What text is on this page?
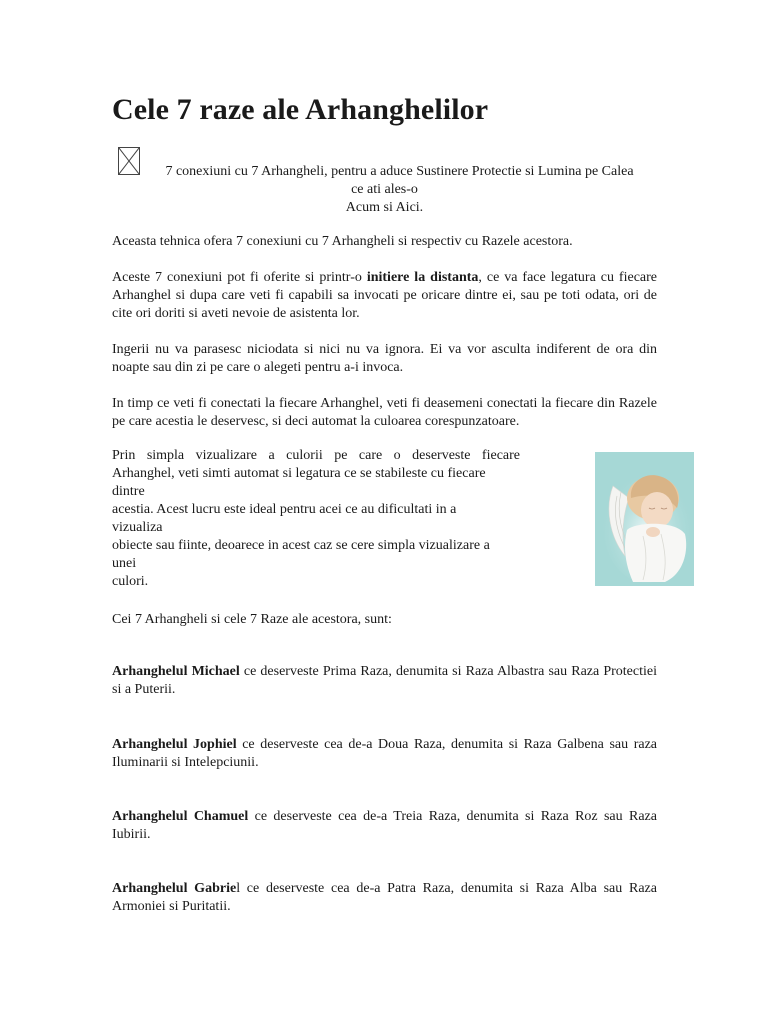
Cele 7 raze ale Arhanghelilor
7 conexiuni cu 7 Arhangheli, pentru a aduce Sustinere Protectie si Lumina pe Calea
ce ati ales-o
Acum si Aici.

Aceasta tehnica ofera 7 conexiuni cu 7 Arhangheli si respectiv cu Razele acestora.

Aceste 7 conexiuni pot fi oferite si printr-o initiere la distanta, ce va face legatura cu fiecare Arhanghel si dupa care veti fi capabili sa invocati pe oricare dintre ei, sau pe toti odata, ori de cite ori doriti si aveti nevoie de asistenta lor.

Ingerii nu va parasesc niciodata si nici nu va ignora. Ei va vor asculta indiferent de ora din noapte sau din zi pe care o alegeti pentru a-i invoca.

In timp ce veti fi conectati la fiecare Arhanghel, veti fi deasemeni conectati la fiecare din Razele pe care acestia le deservesc, si deci automat la culoarea corespunzatoare.

Prin simpla vizualizare a culorii pe care o deserveste fiecare
Arhanghel, veti simti automat si legatura ce se stabileste cu fiecare
dintre
acestia. Acest lucru este ideal pentru acei ce au dificultati in a
vizualiza
obiecte sau fiinte, deoarece in acest caz se cere simpla vizualizare a
unei
culori.

Cei 7 Arhangheli si cele 7 Raze ale acestora, sunt:

Arhanghelul Michael ce deserveste Prima Raza, denumita si Raza Albastra sau Raza Protectiei si a Puterii.

Arhanghelul Jophiel ce deserveste cea de-a Doua Raza, denumita si Raza Galbena sau raza Iluminarii si Intelepciunii.

Arhanghelul Chamuel ce deserveste cea de-a Treia Raza, denumita si Raza Roz sau Raza Iubirii.

Arhanghelul Gabriel ce deserveste cea de-a Patra Raza, denumita si Raza Alba sau Raza Armoniei si Puritatii.
